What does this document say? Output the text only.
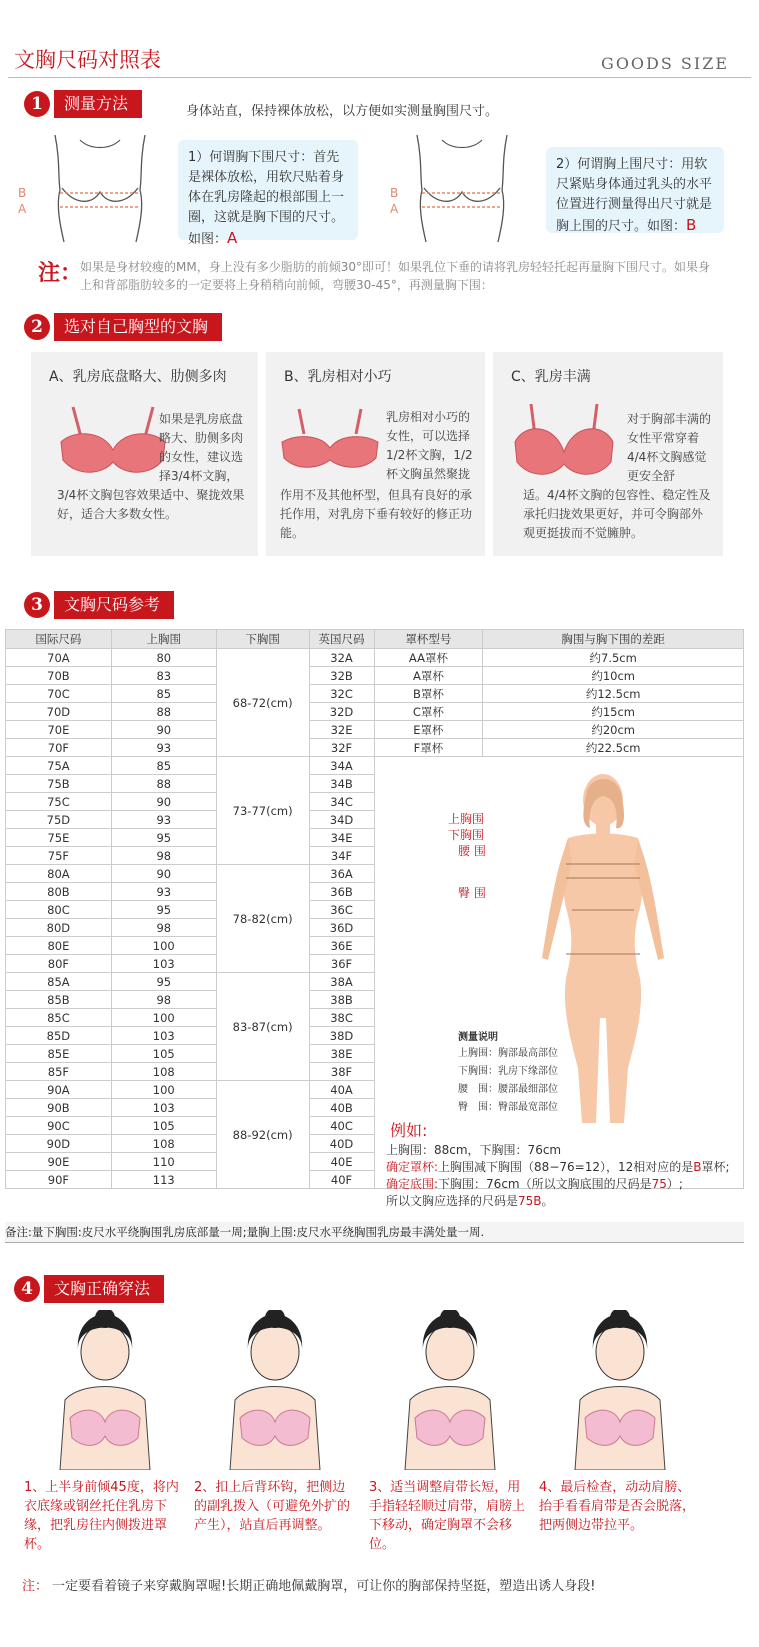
文胸尺码对照表	GOODS SIZE
1	测量方法	身体站直，保持裸体放松，以方便如实测量胸围尺寸。
B
A
1）何谓胸下围尺寸：首先是裸体放松，用软尺贴着身体在乳房隆起的根部围上一圈，这就是胸下围的尺寸。如图：A
B
A
2）何谓胸上围尺寸：用软尺紧贴身体通过乳头的水平位置进行测量得出尺寸就是胸上围的尺寸。如图：B
注：
如果是身材较瘦的MM，身上没有多少脂肪的前倾30°即可！如果乳位下垂的请将乳房轻轻托起再量胸下围尺寸。如果身上和背部脂肪较多的一定要将上身稍稍向前倾，弯腰30-45°，再测量胸下围：
2	选对自己胸型的文胸
A、乳房底盘略大、肋侧多肉
如果是乳房底盘略大、肋侧多肉的女性，建议选择3/4杯文胸，
3/4杯文胸包容效果适中、聚拢效果好，适合大多数女性。
B、乳房相对小巧
乳房相对小巧的女性，可以选择1/2杯文胸，1/2杯文胸虽然聚拢
作用不及其他杯型，但具有良好的承托作用，对乳房下垂有较好的修正功能。
C、乳房丰满
对于胸部丰满的女性平常穿着4/4杯文胸感觉更安全舒
适。4/4杯文胸的包容性、稳定性及承托归拢效果更好，并可令胸部外观更挺拔而不觉臃肿。
3	文胸尺码参考
国际尺码	上胸围	下胸围	英国尺码	罩杯型号	胸围与胸下围的差距
70A	80	68-72(cm)	32A	AA罩杯	约7.5cm
70B	83		32B	A罩杯	约10cm
70C	85		32C	B罩杯	约12.5cm
70D	88		32D	C罩杯	约15cm
70E	90		32E	E罩杯	约20cm
70F	93		32F	F罩杯	约22.5cm
75A	85	73-77(cm)	34A		
75B	88		34B		
75C	90		34C		
75D	93		34D		
75E	95		34E		
75F	98		34F		
80A	90	78-82(cm)	36A		
80B	93		36B		
80C	95		36C		
80D	98		36D		
80E	100		36E		
80F	103		36F		
85A	95	83-87(cm)	38A		
85B	98		38B		
85C	100		38C		
85D	103		38D		
85E	105		38E		
85F	108		38F		
90A	100	88-92(cm)	40A		
90B	103		40B		
90C	105		40C		
90D	108		40D		
90E	110		40E		
90F	113		40F		
上胸围
下胸围
腰 围
臀 围
测量说明
上胸围：胸部最高部位
下胸围：乳房下缘部位
腰　围：腰部最细部位
臀　围：臀部最宽部位
例如:
上胸围：88cm，下胸围：76cm
确定罩杯:上胸围减下胸围（88−76=12），12相对应的是B罩杯;
确定底围:下胸围：76cm（所以文胸底围的尺码是75）;
所以文胸应选择的尺码是75B。
备注:量下胸围:皮尺水平绕胸围乳房底部量一周;量胸上围:皮尺水平绕胸围乳房最丰满处量一周.
4	文胸正确穿法
1、上半身前倾45度，将内衣底缘或钢丝托住乳房下缘，把乳房往内侧拨进罩杯。
2、扣上后背环钩，把侧边的副乳拨入（可避免外扩的产生），站直后再调整。
3、适当调整肩带长短，用手指轻轻顺过肩带，肩膀上下移动，确定胸罩不会移位。
4、最后检查，动动肩膀、抬手看看肩带是否会脱落，把两侧边带拉平。
注： 一定要看着镜子来穿戴胸罩喔!长期正确地佩戴胸罩，可让你的胸部保持坚挺，塑造出诱人身段!
